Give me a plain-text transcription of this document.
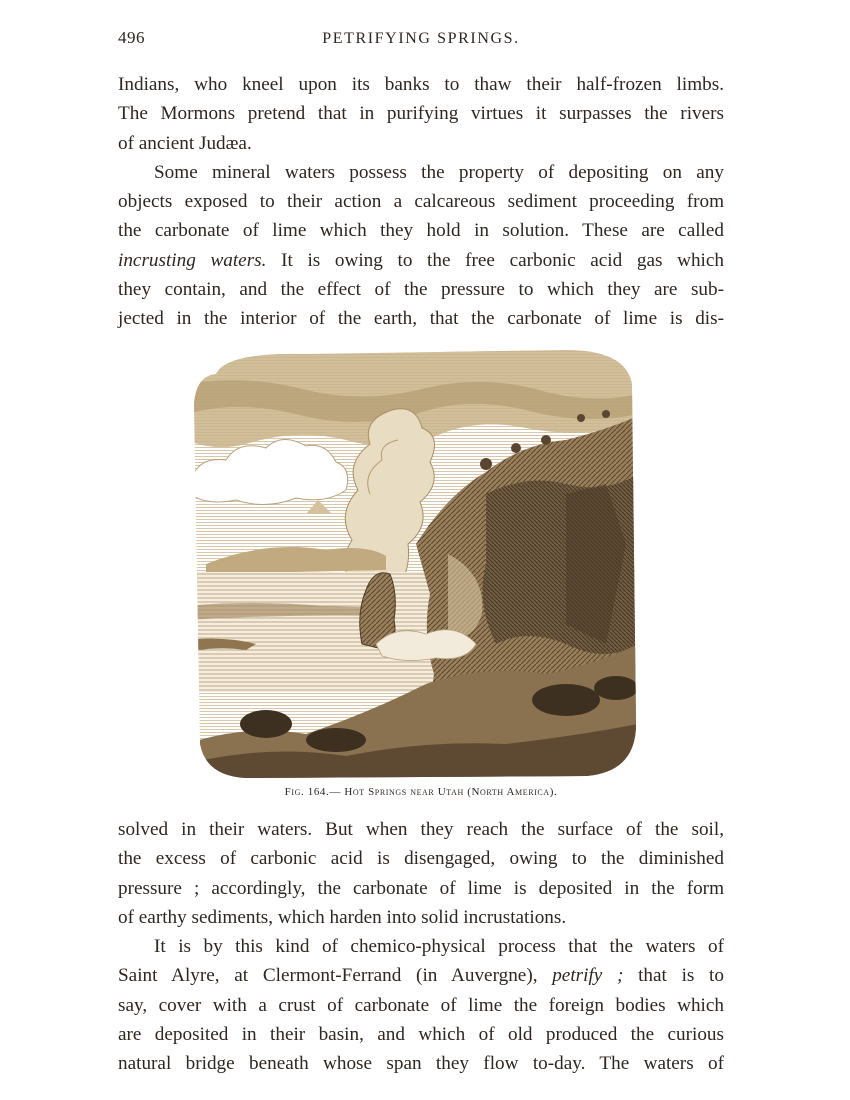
496	PETRIFYING SPRINGS.
Indians, who kneel upon its banks to thaw their half-frozen limbs.
The Mormons pretend that in purifying virtues it surpasses the rivers
of ancient Judæa.
Some mineral waters possess the property of depositing on any
objects exposed to their action a calcareous sediment proceeding from
the carbonate of lime which they hold in solution. These are called
incrusting waters. It is owing to the free carbonic acid gas which
they contain, and the effect of the pressure to which they are sub-
jected in the interior of the earth, that the carbonate of lime is dis-
Fig. 164.— Hot Springs near Utah (North America).
solved in their waters. But when they reach the surface of the soil,
the excess of carbonic acid is disengaged, owing to the diminished
pressure ; accordingly, the carbonate of lime is deposited in the form
of earthy sediments, which harden into solid incrustations.
It is by this kind of chemico-physical process that the waters of
Saint Alyre, at Clermont-Ferrand (in Auvergne), petrify ; that is to
say, cover with a crust of carbonate of lime the foreign bodies which
are deposited in their basin, and which of old produced the curious
natural bridge beneath whose span they flow to-day. The waters of
